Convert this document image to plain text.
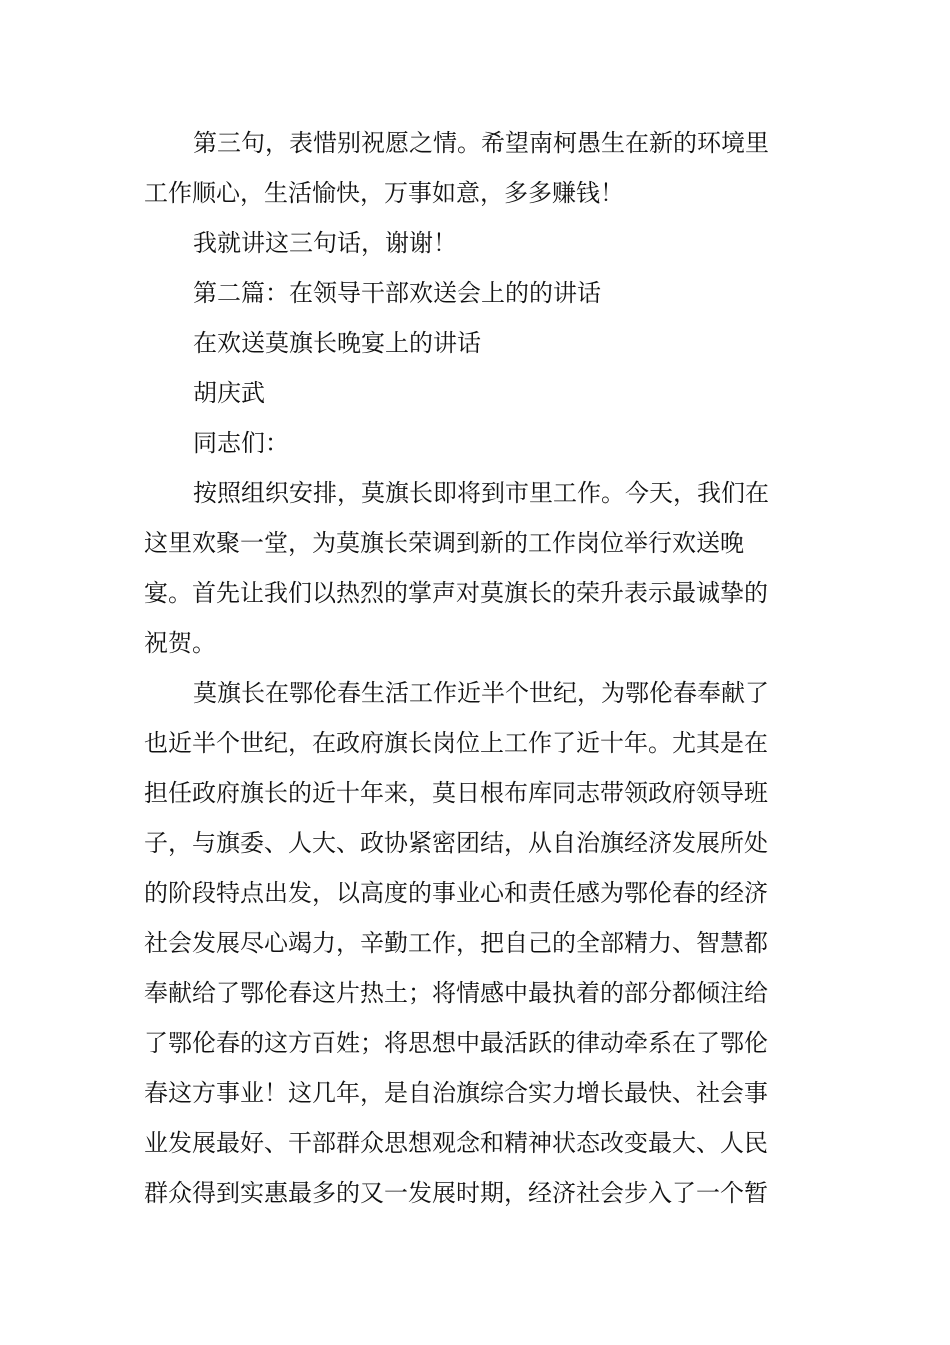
第三句，表惜别祝愿之情。希望南柯愚生在新的环境里
工作顺心，生活愉快，万事如意，多多赚钱！
我就讲这三句话，谢谢！
第二篇：在领导干部欢送会上的的讲话
在欢送莫旗长晚宴上的讲话
胡庆武
同志们：
按照组织安排，莫旗长即将到市里工作。今天，我们在
这里欢聚一堂，为莫旗长荣调到新的工作岗位举行欢送晚
宴。首先让我们以热烈的掌声对莫旗长的荣升表示最诚挚的
祝贺。
莫旗长在鄂伦春生活工作近半个世纪，为鄂伦春奉献了
也近半个世纪，在政府旗长岗位上工作了近十年。尤其是在
担任政府旗长的近十年来，莫日根布库同志带领政府领导班
子，与旗委、人大、政协紧密团结，从自治旗经济发展所处
的阶段特点出发，以高度的事业心和责任感为鄂伦春的经济
社会发展尽心竭力，辛勤工作，把自己的全部精力、智慧都
奉献给了鄂伦春这片热土；将情感中最执着的部分都倾注给
了鄂伦春的这方百姓；将思想中最活跃的律动牵系在了鄂伦
春这方事业！这几年，是自治旗综合实力增长最快、社会事
业发展最好、干部群众思想观念和精神状态改变最大、人民
群众得到实惠最多的又一发展时期，经济社会步入了一个暂
